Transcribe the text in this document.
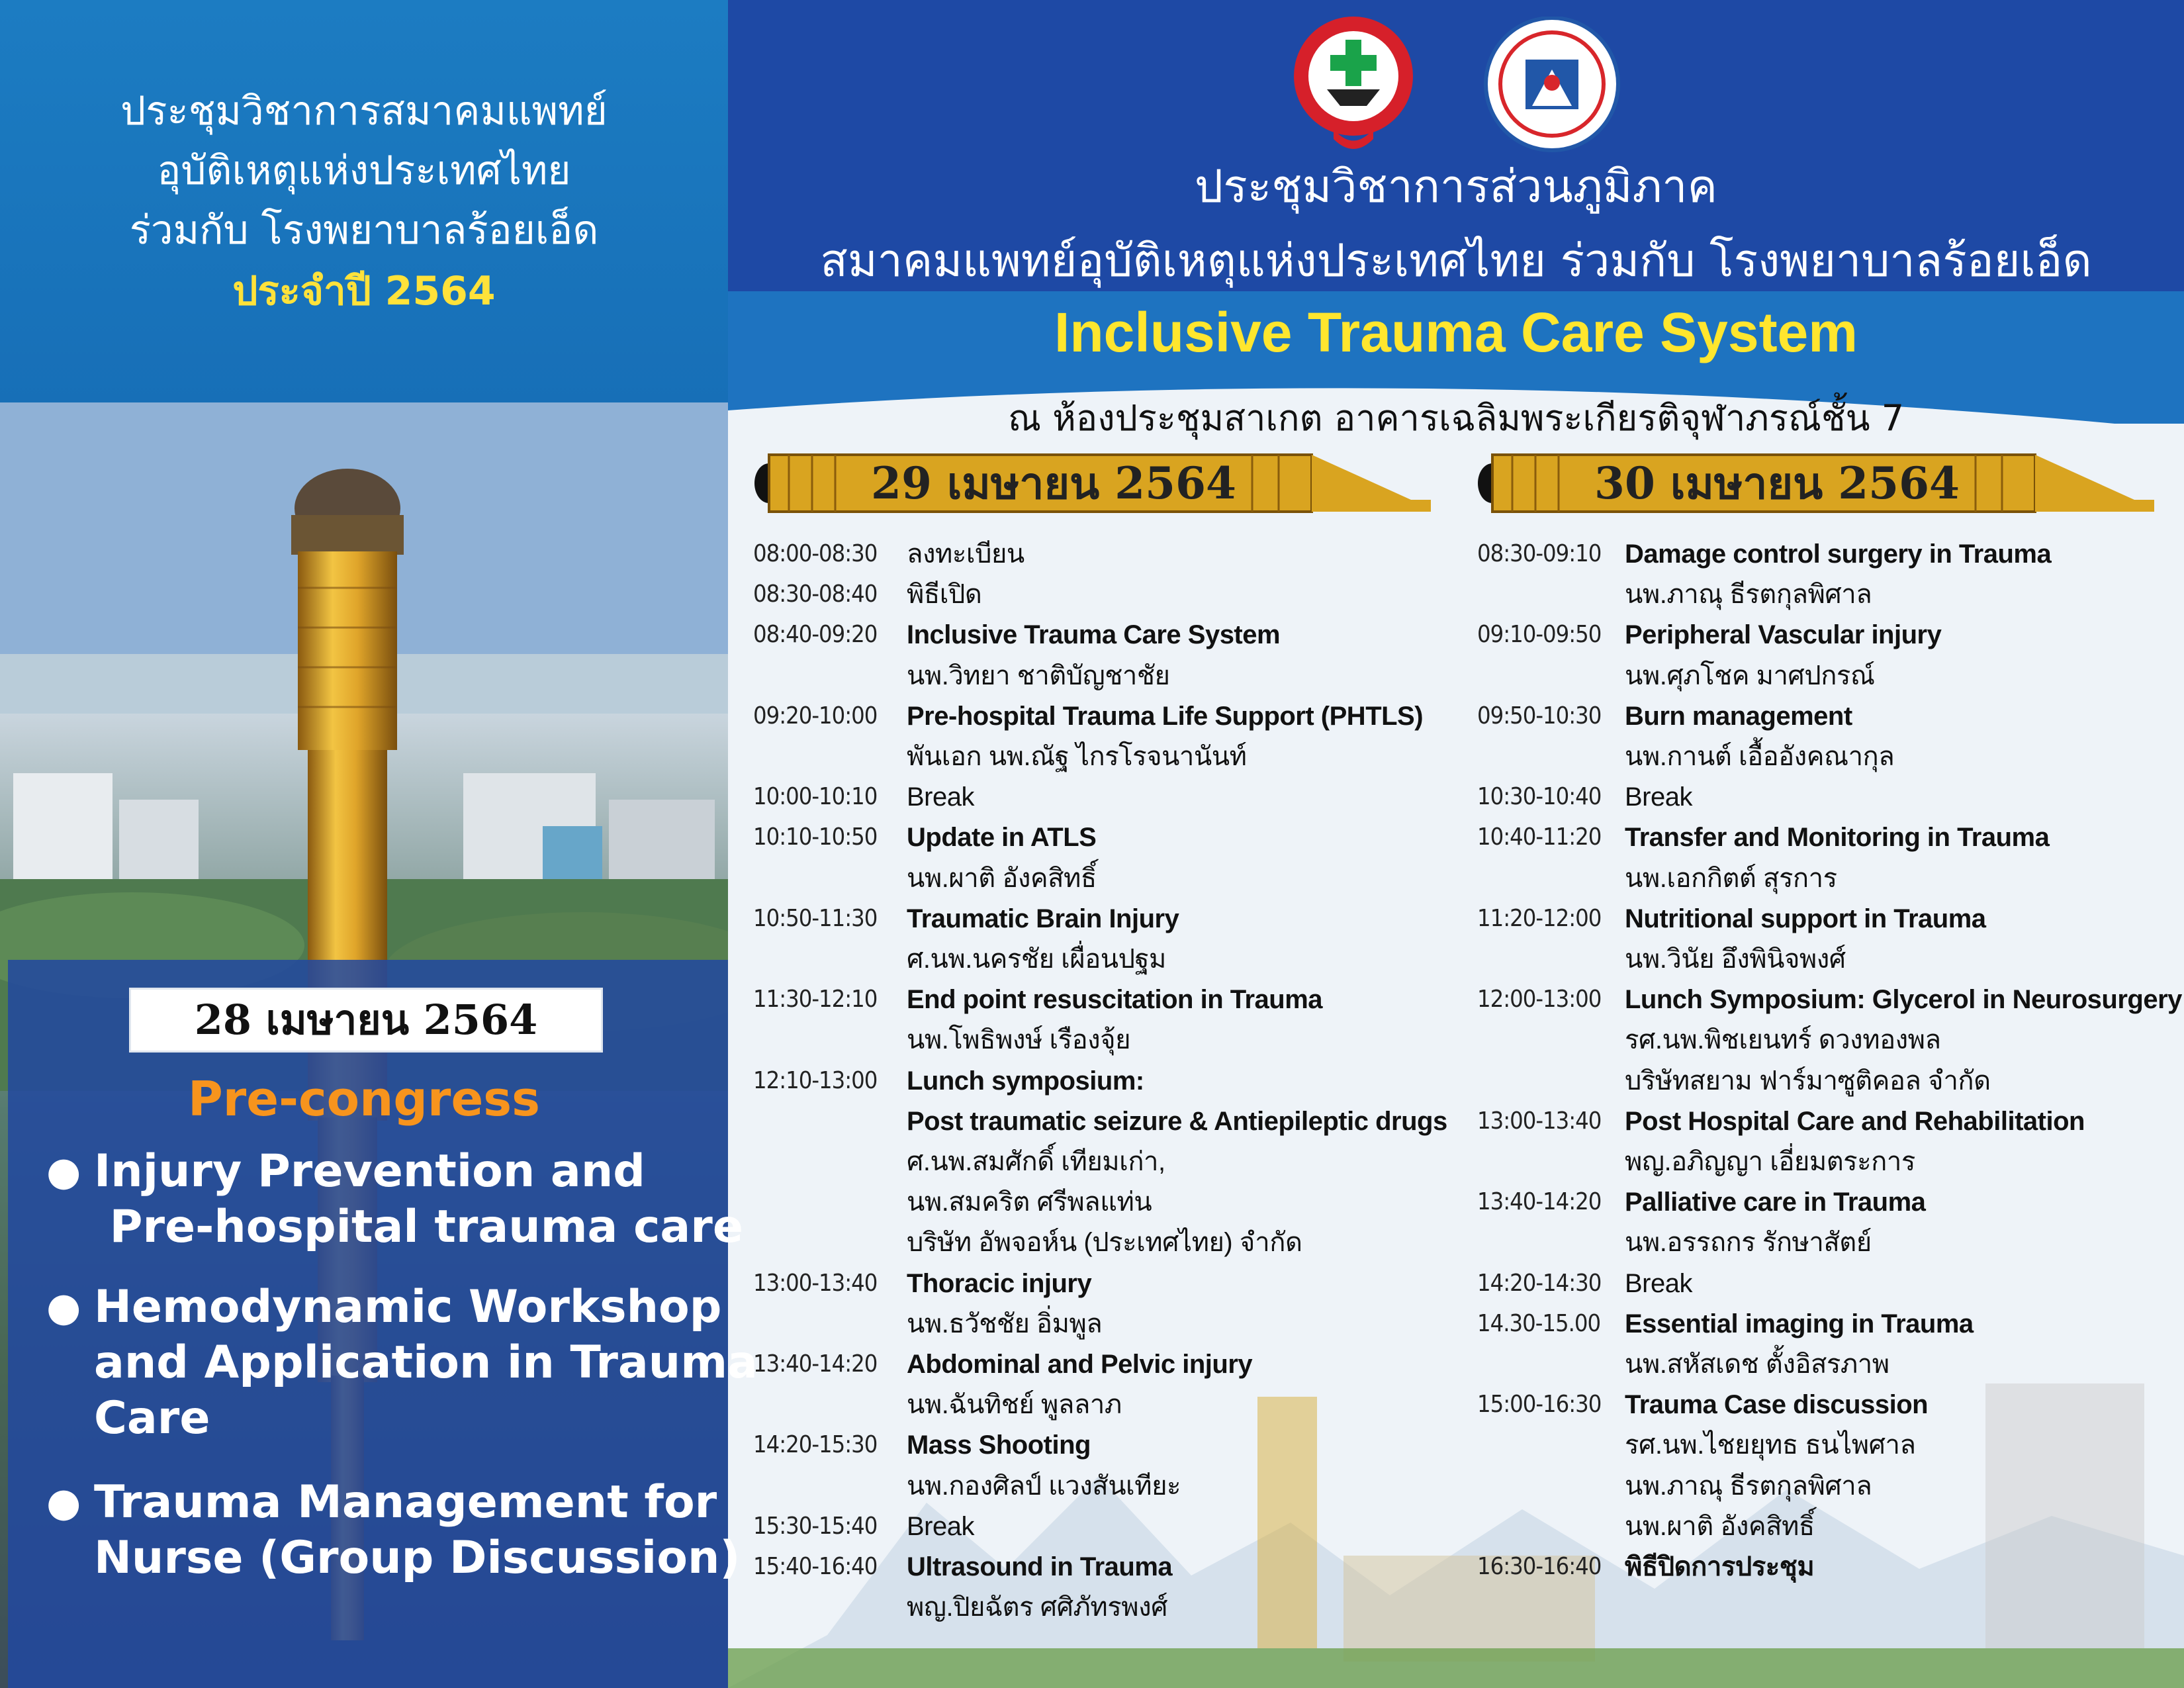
ประชุมวิชาการสมาคมแพทย์
อุบัติเหตุแห่งประเทศไทย
ร่วมกับ โรงพยาบาลร้อยเอ็ด
ประจำปี 2564
28 เมษายน 2564
Pre-congress
● Injury Prevention and
Pre-hospital trauma care
● Hemodynamic Workshop
and Application in Trauma
Care
● Trauma Management for
Nurse (Group Discussion)
ประชุมวิชาการส่วนภูมิภาค
สมาคมแพทย์อุบัติเหตุแห่งประเทศไทย ร่วมกับ โรงพยาบาลร้อยเอ็ด
Inclusive Trauma Care System
ณ ห้องประชุมสาเกต อาคารเฉลิมพระเกียรติจุฬาภรณ์ชั้น 7
29 เมษายน 2564	30 เมษายน 2564
08:00-08:30 ลงทะเบียน
08:30-08:40 พิธีเปิด
08:40-09:20 Inclusive Trauma Care System
นพ.วิทยา ชาติบัญชาชัย
09:20-10:00 Pre-hospital Trauma Life Support (PHTLS)
พันเอก นพ.ณัฐ ไกรโรจนานันท์
10:00-10:10 Break
10:10-10:50 Update in ATLS
นพ.ผาติ อังคสิทธิ์
10:50-11:30 Traumatic Brain Injury
ศ.นพ.นครชัย เผื่อนปฐม
11:30-12:10 End point resuscitation in Trauma
นพ.โพธิพงษ์ เรืองจุ้ย
12:10-13:00 Lunch symposium:
Post traumatic seizure & Antiepileptic drugs
ศ.นพ.สมศักดิ์ เทียมเก่า,
นพ.สมคริต ศรีพลแท่น
บริษัท อัพจอห์น (ประเทศไทย) จำกัด
13:00-13:40 Thoracic injury
นพ.ธวัชชัย อิ่มพูล
13:40-14:20 Abdominal and Pelvic injury
นพ.ฉันทิชย์ พูลลาภ
14:20-15:30 Mass Shooting
นพ.กองศิลป์ แวงสันเทียะ
15:30-15:40 Break
15:40-16:40 Ultrasound in Trauma
พญ.ปิยฉัตร ศศิภัทรพงศ์
08:30-09:10 Damage control surgery in Trauma
นพ.ภาณุ ธีรตกุลพิศาล
09:10-09:50 Peripheral Vascular injury
นพ.ศุภโชค มาศปกรณ์
09:50-10:30 Burn management
นพ.กานต์ เอื้ออังคณากุล
10:30-10:40 Break
10:40-11:20 Transfer and Monitoring in Trauma
นพ.เอกกิตต์ สุรการ
11:20-12:00 Nutritional support in Trauma
นพ.วินัย อึงพินิจพงศ์
12:00-13:00 Lunch Symposium: Glycerol in Neurosurgery
รศ.นพ.พิชเยนทร์ ดวงทองพล
บริษัทสยาม ฟาร์มาซูติคอล จำกัด
13:00-13:40 Post Hospital Care and Rehabilitation
พญ.อภิญญา เอี่ยมตระการ
13:40-14:20 Palliative care in Trauma
นพ.อรรถกร รักษาสัตย์
14:20-14:30 Break
14.30-15.00 Essential imaging in Trauma
นพ.สหัสเดช ตั้งอิสรภาพ
15:00-16:30 Trauma Case discussion
รศ.นพ.ไชยยุทธ ธนไพศาล
นพ.ภาณุ ธีรตกุลพิศาล
นพ.ผาติ อังคสิทธิ์
16:30-16:40 พิธีปิดการประชุม
